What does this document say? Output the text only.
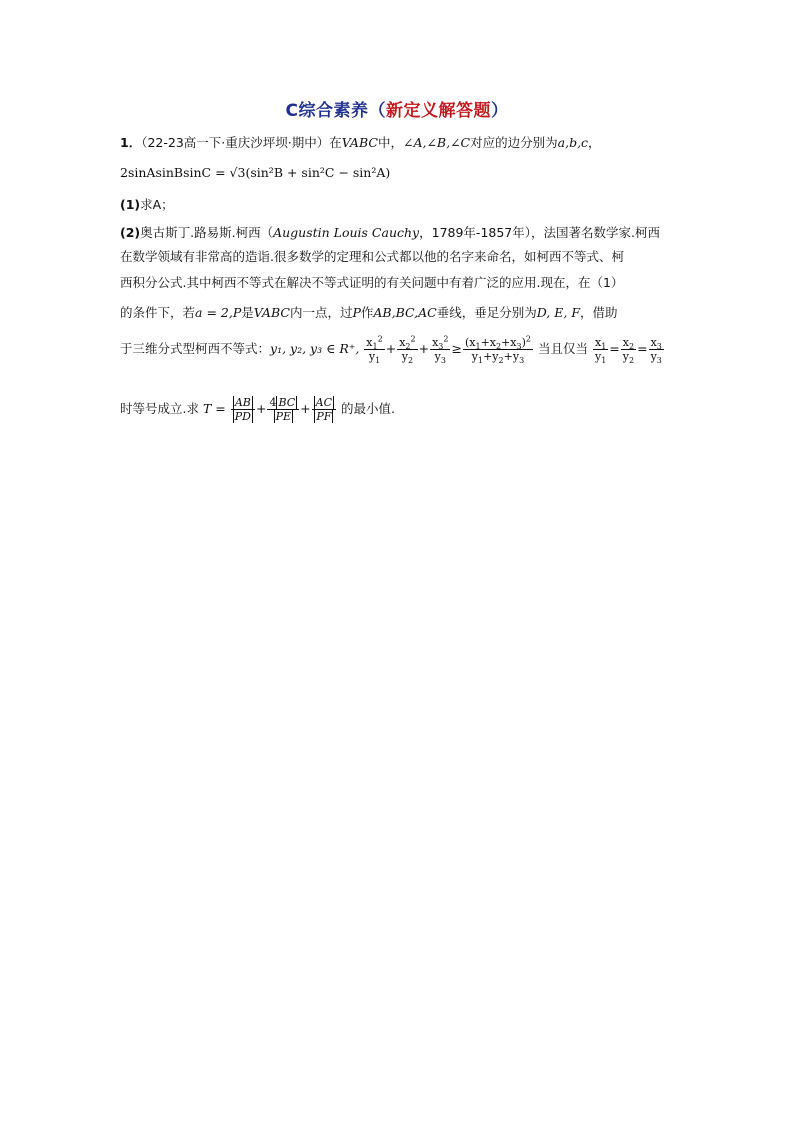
C综合素养（新定义解答题）
1．（22-23高一下·重庆沙坪坝·期中）在VABC中，∠A,∠B,∠C对应的边分别为a,b,c，
2sinAsinBsinC = √3(sin²B + sin²C − sin²A)
(1)求A；
(2)奥古斯丁.路易斯.柯西（Augustin Louis Cauchy，1789年-1857年），法国著名数学家.柯西
在数学领域有非常高的造诣.很多数学的定理和公式都以他的名字来命名，如柯西不等式、柯
西积分公式.其中柯西不等式在解决不等式证明的有关问题中有着广泛的应用.现在，在（1）
的条件下，若a = 2,P是VABC内一点，过P作AB,BC,AC垂线，垂足分别为D, E, F，借助
于三维分式型柯西不等式：y₁, y₂, y₃ ∈ R⁺, $\frac{x_1^2}{y_1} + \frac{x_2^2}{y_2} + \frac{x_3^2}{y_3} \ge \frac{(x_1+x_2+x_3)^2}{y_1+y_2+y_3}$ 当且仅当 $\frac{x_1}{y_1} = \frac{x_2}{y_2} = \frac{x_3}{y_3}$
时等号成立.求 $T = \frac{AB}{PD} + \frac{4 BC}{PE} + \frac{AC}{PF}$ 的最小值.
